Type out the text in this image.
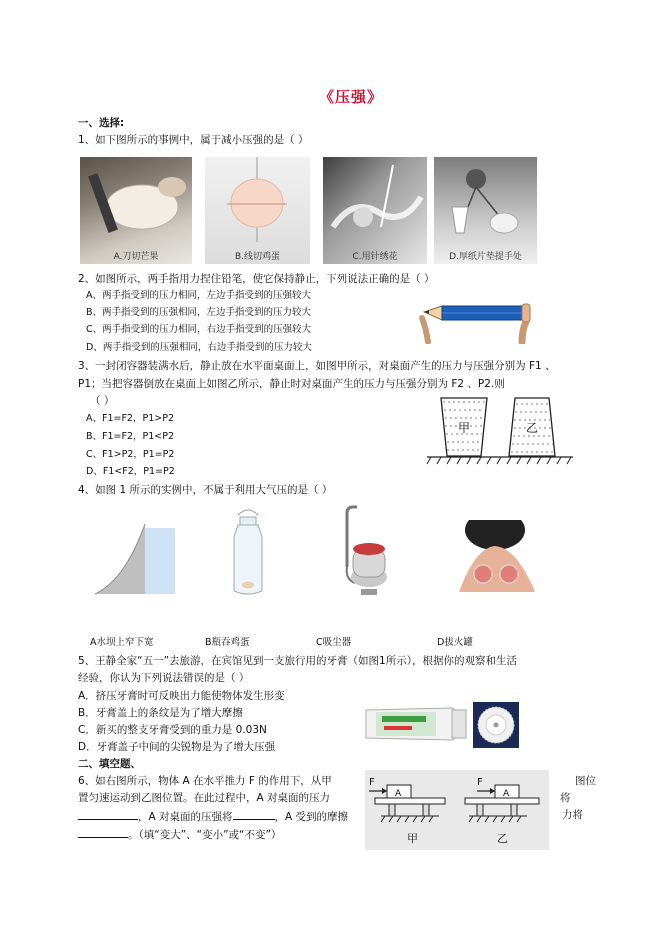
《压强》
一、选择:
1、如下图所示的事例中，属于减小压强的是（ ）
A.刀切芒果	B.线切鸡蛋	C.用针绣花	D.厚纸片垫提手处
2、如图所示，两手指用力捏住铅笔，使它保持静止，下列说法正确的是（ ）
A、两手指受到的压力相同，左边手指受到的压强较大
B、两手指受到的压强相同，左边手指受到的压力较大
C、两手指受到的压力相同，右边手指受到的压强较大
D、两手指受到的压强相同，右边手指受到的压力较大
3、一封闭容器装满水后，静止放在水平面桌面上，如图甲所示，对桌面产生的压力与压强分别为 F1 、
P1；当把容器倒放在桌面上如图乙所示，静止时对桌面产生的压力与压强分别为 F2 、P2.则
（ ）
A、F1=F2，P1>P2
B、F1=F2，P1<P2
C、F1>P2，P1=P2
D、F1<F2，P1=P2
甲	乙
4、如图 1 所示的实例中，不属于利用大气压的是（ ）
A水坝上窄下宽	B瓶吞鸡蛋	C吸尘器	D拔火罐
5、王静全家“五一”去旅游，在宾馆见到一支旅行用的牙膏（如图1所示），根据你的观察和生活
经验，你认为下列说法错误的是（ ）
A．挤压牙膏时可反映出力能使物体发生形变
B．牙膏盖上的条纹是为了增大摩擦
C．新买的整支牙膏受到的重力是 0.03N
D．牙膏盖子中间的尖锐物是为了增大压强
二、填空题、
6、如右图所示，物体 A 在水平推力 F 的作用下，从甲	图位
置匀速运动到乙图位置。在此过程中，A 对桌面的压力	将
，A 对桌面的压强将	，A 受到的摩擦	力将
。（填“变大”、“变小”或“不变”）
F
A
甲
F
A
乙
